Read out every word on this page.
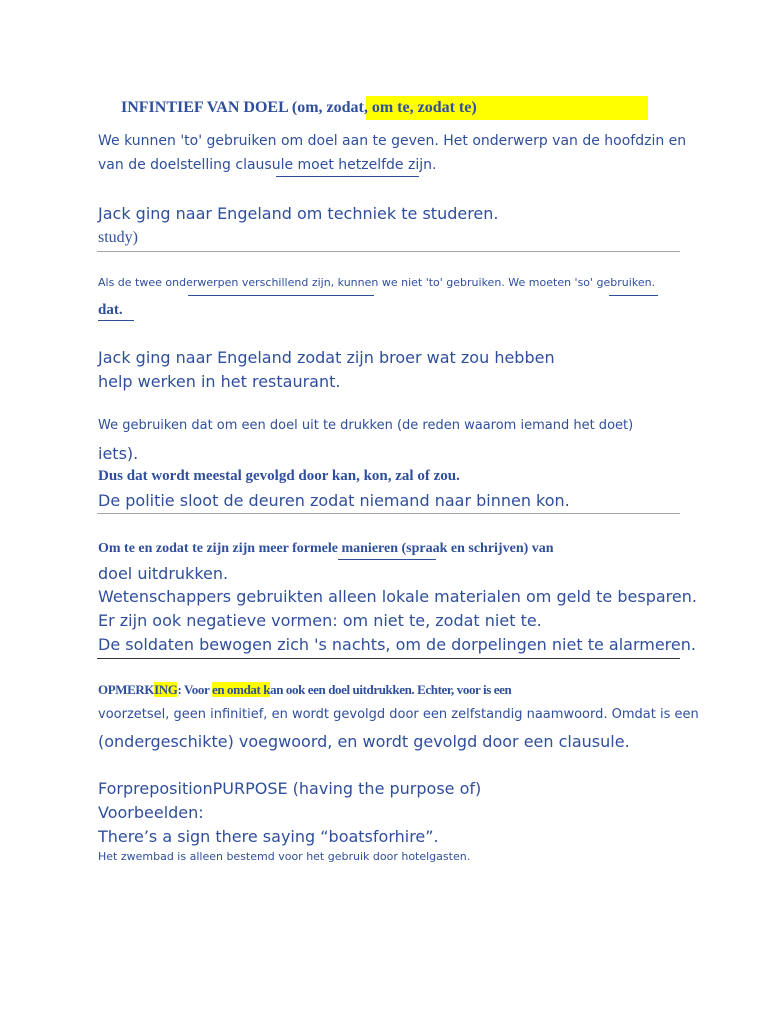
INFINTIEF VAN DOEL (om, zodat, om te, zodat te)
We kunnen 'to' gebruiken om doel aan te geven. Het onderwerp van de hoofdzin en
van de doelstelling clausule moet hetzelfde zijn.
Jack ging naar Engeland om techniek te studeren.
study)
Als de twee onderwerpen verschillend zijn, kunnen we niet 'to' gebruiken. We moeten 'so' gebruiken.
dat.
Jack ging naar Engeland zodat zijn broer wat zou hebben
help werken in het restaurant.
We gebruiken dat om een doel uit te drukken (de reden waarom iemand het doet)
iets).
Dus dat wordt meestal gevolgd door kan, kon, zal of zou.
De politie sloot de deuren zodat niemand naar binnen kon.
Om te en zodat te zijn zijn meer formele manieren (spraak en schrijven) van
doel uitdrukken.
Wetenschappers gebruikten alleen lokale materialen om geld te besparen.
Er zijn ook negatieve vormen: om niet te, zodat niet te.
De soldaten bewogen zich 's nachts, om de dorpelingen niet te alarmeren.
OPMERKING: Voor en omdat kan ook een doel uitdrukken. Echter, voor is een
voorzetsel, geen infinitief, en wordt gevolgd door een zelfstandig naamwoord. Omdat is een
(ondergeschikte) voegwoord, en wordt gevolgd door een clausule.
ForprepositionPURPOSE (having the purpose of)
Voorbeelden:
There’s a sign there saying “boatsforhire”.
Het zwembad is alleen bestemd voor het gebruik door hotelgasten.
